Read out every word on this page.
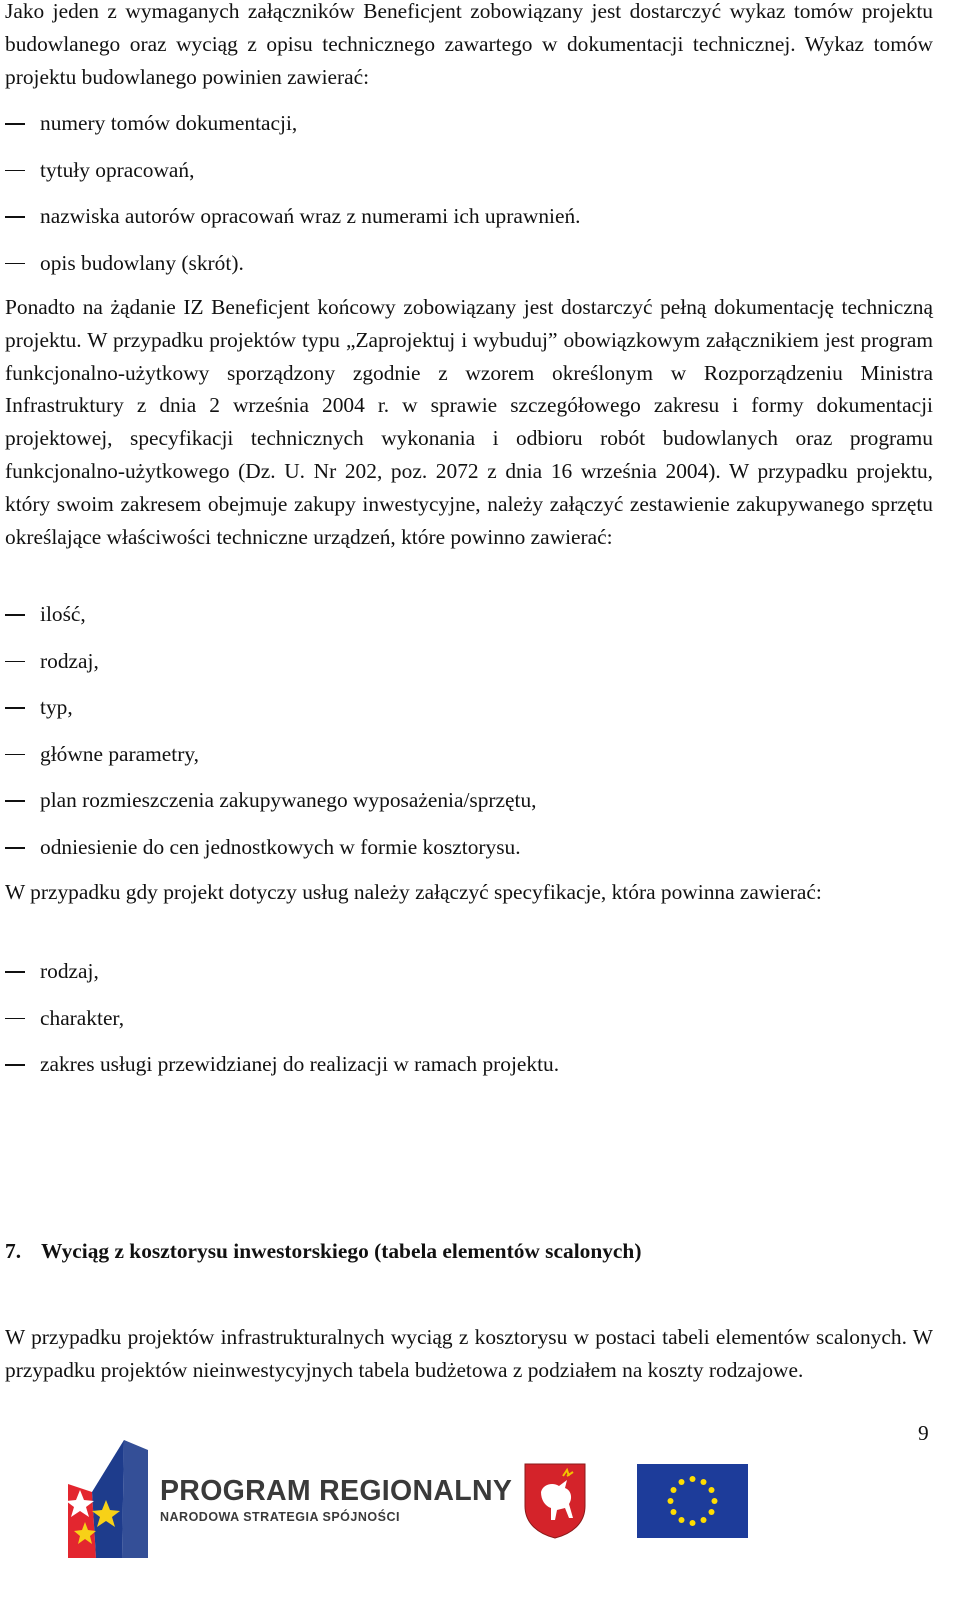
Jako jeden z wymaganych załączników Beneficjent zobowiązany jest dostarczyć wykaz tomów projektu budowlanego oraz wyciąg z opisu technicznego zawartego w dokumentacji technicznej. Wykaz tomów projektu budowlanego powinien zawierać:

numery tomów dokumentacji,
tytuły opracowań,
nazwiska autorów opracowań wraz z numerami ich uprawnień.
opis budowlany (skrót).

Ponadto na żądanie IZ Beneficjent końcowy zobowiązany jest dostarczyć pełną dokumentację techniczną projektu. W przypadku projektów typu „Zaprojektuj i wybuduj” obowiązkowym załącznikiem jest program funkcjonalno-użytkowy sporządzony zgodnie z wzorem określonym w Rozporządzeniu Ministra Infrastruktury z dnia 2 września 2004 r. w sprawie szczegółowego zakresu i formy dokumentacji projektowej, specyfikacji technicznych wykonania i odbioru robót budowlanych oraz programu funkcjonalno-użytkowego (Dz. U. Nr 202, poz. 2072 z dnia 16 września 2004). W przypadku projektu, który swoim zakresem obejmuje zakupy inwestycyjne, należy załączyć zestawienie zakupywanego sprzętu określające właściwości techniczne urządzeń, które powinno zawierać:

ilość,
rodzaj,
typ,
główne parametry,
plan rozmieszczenia zakupywanego wyposażenia/sprzętu,
odniesienie do cen jednostkowych w formie kosztorysu.

W przypadku gdy projekt dotyczy usług należy załączyć specyfikacje, która powinna zawierać:

rodzaj,
charakter,
zakres usługi przewidzianej do realizacji w ramach projektu.
7. Wyciąg z kosztorysu inwestorskiego (tabela elementów scalonych)

W przypadku projektów infrastrukturalnych wyciąg z kosztorysu w postaci tabeli elementów scalonych. W przypadku projektów nieinwestycyjnych tabela budżetowa z podziałem na koszty rodzajowe.

9
PROGRAM REGIONALNY
NARODOWA STRATEGIA SPÓJNOŚCI
